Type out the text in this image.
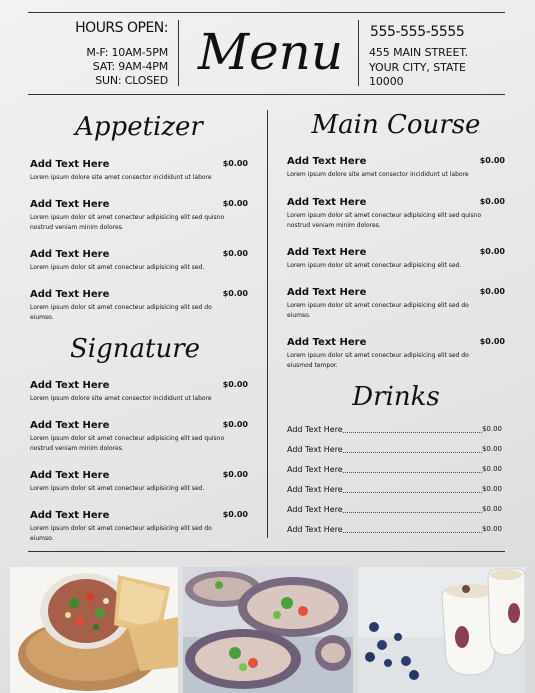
HOURS OPEN:
M-F: 10AM-5PM
SAT: 9AM-4PM
SUN: CLOSED Menu	555-555-5555
455 MAIN STREET.
YOUR CITY, STATE
10000
Appetizer
Add Text Here	$0.00
Lorem ipsum dolore site amet consector incididunt ut labore
Add Text Here	$0.00
Lorem ipsum dolor sit amet conecteur adipisicing elit sed quisno nostrud veniam minim dolores.
Add Text Here	$0.00
Lorem ipsum dolor sit amet conecteur adipisicing elit sed.
Add Text Here	$0.00
Lorem ipsum dolor sit amet conecteur adipisicing elit sed do eiumso.
Signature
Add Text Here	$0.00
Lorem ipsum dolore site amet consector incididunt ut labore
Add Text Here	$0.00
Lorem ipsum dolor sit amet conecteur adipisicing elit sed quisno nostrud veniam minim dolores.
Add Text Here	$0.00
Lorem ipsum dolor sit amet conecteur adipisicing elit sed.
Add Text Here	$0.00
Lorem ipsum dolor sit amet conecteur adipisicing elit sed do eiumso.
Main Course
Add Text Here	$0.00
Lorem ipsum dolore site amet consector incididunt ut labore
Add Text Here	$0.00
Lorem ipsum dolor sit amet conecteur adipisicing elit sed quisno nostrud veniam minim dolores.
Add Text Here	$0.00
Lorem ipsum dolor sit amet conecteur adipisicing elit sed.
Add Text Here	$0.00
Lorem ipsum dolor sit amet conecteur adipisicing elit sed do eiumso.
Add Text Here	$0.00
Lorem ipsum dolor sit amet conecteur adipisicing elit sed do eiusmod tempor.
Drinks
Add Text Here	$0.00
Add Text Here	$0.00
Add Text Here	$0.00
Add Text Here	$0.00
Add Text Here	$0.00
Add Text Here	$0.00
